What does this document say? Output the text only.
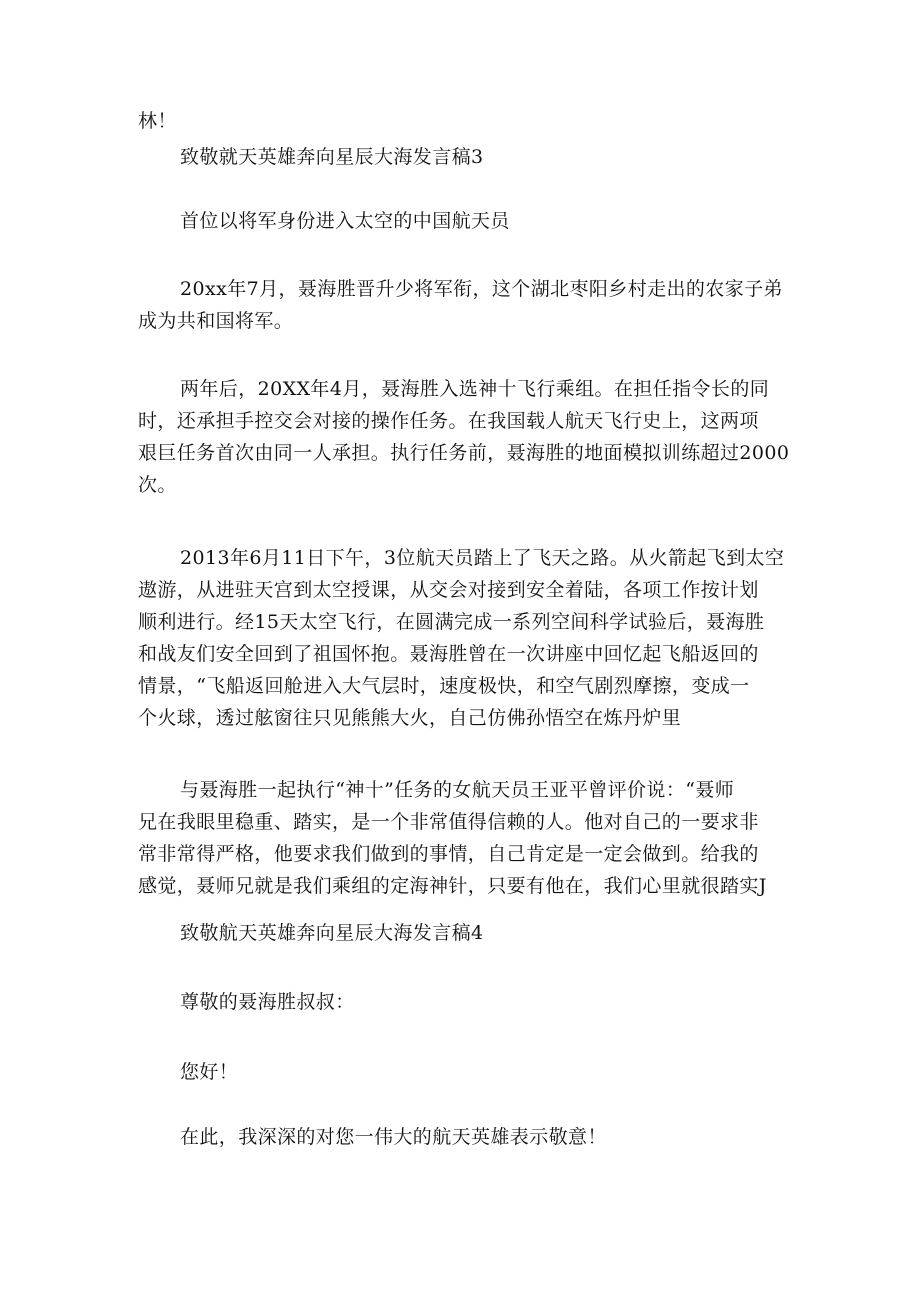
林！
致敬就天英雄奔向星辰大海发言稿3
首位以将军身份进入太空的中国航天员
20xx年7月，聂海胜晋升少将军衔，这个湖北枣阳乡村走出的农家子弟
成为共和国将军。
两年后，20XX年4月，聂海胜入选神十飞行乘组。在担任指令长的同
时，还承担手控交会对接的操作任务。在我国载人航天飞行史上，这两项
艰巨任务首次由同一人承担。执行任务前，聂海胜的地面模拟训练超过2000
次。
2013年6月11日下午，3位航天员踏上了飞天之路。从火箭起飞到太空
遨游，从进驻天宫到太空授课，从交会对接到安全着陆，各项工作按计划
顺利进行。经15天太空飞行，在圆满完成一系列空间科学试验后，聂海胜
和战友们安全回到了祖国怀抱。聂海胜曾在一次讲座中回忆起飞船返回的
情景，“飞船返回舱进入大气层时，速度极快，和空气剧烈摩擦，变成一
个火球，透过舷窗往只见熊熊大火，自己仿佛孙悟空在炼丹炉里
与聂海胜一起执行“神十”任务的女航天员王亚平曾评价说：“聂师
兄在我眼里稳重、踏实，是一个非常值得信赖的人。他对自己的一要求非
常非常得严格，他要求我们做到的事情，自己肯定是一定会做到。给我的
感觉，聂师兄就是我们乘组的定海神针，只要有他在，我们心里就很踏实J
致敬航天英雄奔向星辰大海发言稿4
尊敬的聂海胜叔叔：
您好！
在此，我深深的对您一伟大的航天英雄表示敬意！
